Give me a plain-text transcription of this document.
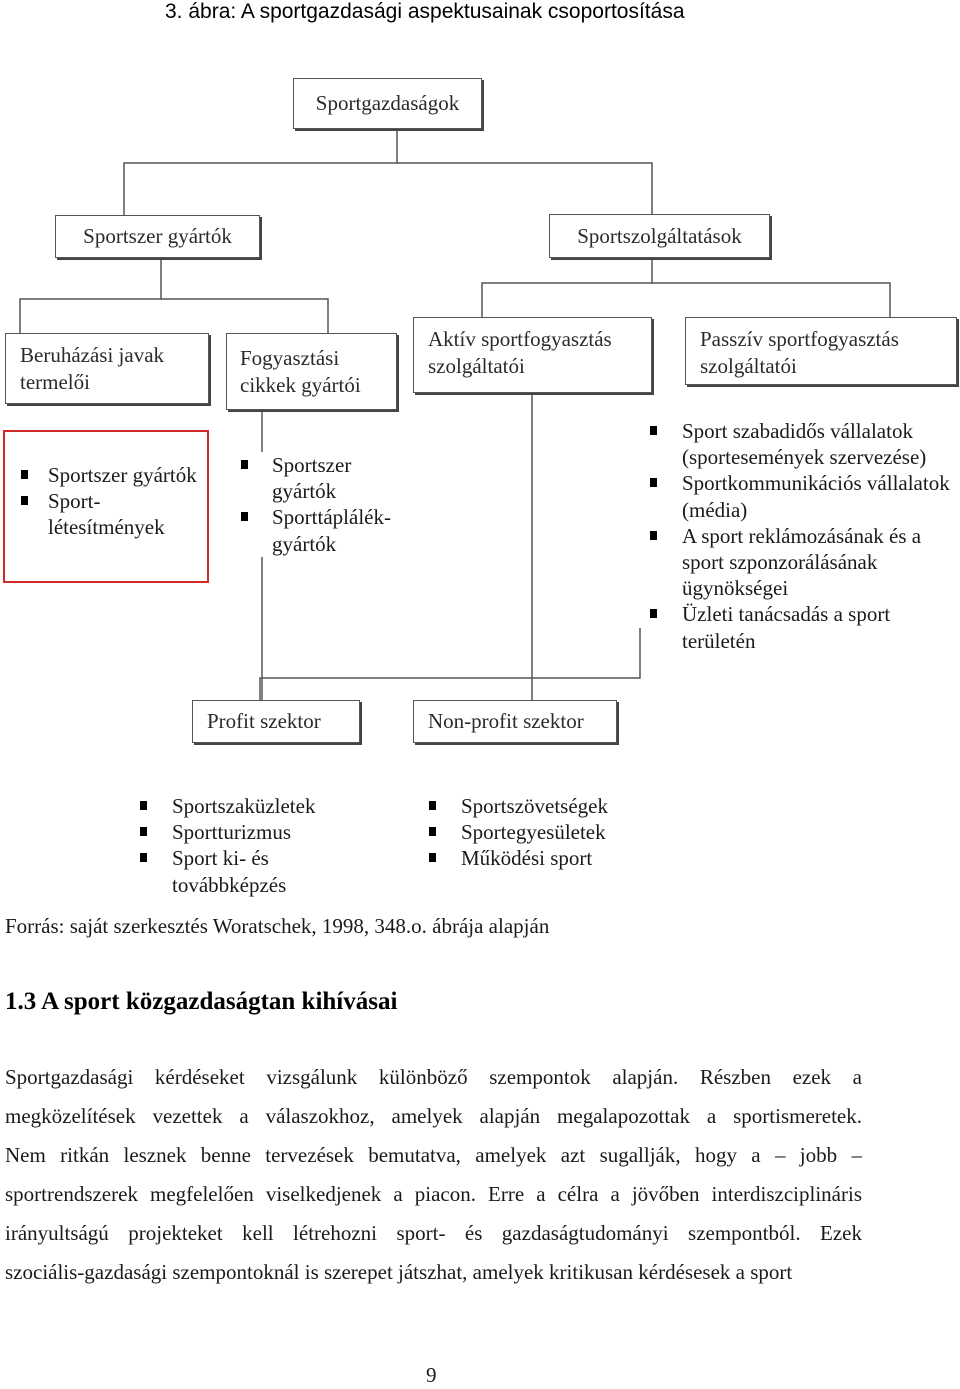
3. ábra: A sportgazdasági aspektusainak csoportosítása
Sportgazdaságok
Sportszer gyártók	Sportszolgáltatások
Beruházási javak
termelői
Fogyasztási
cikkek gyártói
Aktív sportfogyasztás
szolgáltatói
Passzív sportfogyasztás
szolgáltatói
Sportszer gyártók
Sport-létesítmények
Sportszer gyártók
Sporttáplálék-gyártók
Sport szabadidős vállalatok (sportesemények szervezése)
Sportkommunikációs vállalatok (média)
A sport reklámozásának és a sport szponzorálásának ügynökségei
Üzleti tanácsadás a sport területén
Profit szektor	Non-profit szektor
Sportszaküzletek
Sportturizmus
Sport ki- és továbbképzés
Sportszövetségek
Sportegyesületek
Működési sport
Forrás: saját szerkesztés Woratschek, 1998, 348.o. ábrája alapján
1.3 A sport közgazdaságtan kihívásai
Sportgazdasági kérdéseket vizsgálunk különböző szempontok alapján. Részben ezek a
megközelítések vezettek a válaszokhoz, amelyek alapján megalapozottak a sportismeretek.
Nem ritkán lesznek benne tervezések bemutatva, amelyek azt sugallják, hogy a – jobb –
sportrendszerek megfelelően viselkedjenek a piacon. Erre a célra a jövőben interdiszciplináris
irányultságú projekteket kell létrehozni sport- és gazdaságtudományi szempontból. Ezek
szociális-gazdasági szempontoknál is szerepet játszhat, amelyek kritikusan kérdésesek a sport
9
